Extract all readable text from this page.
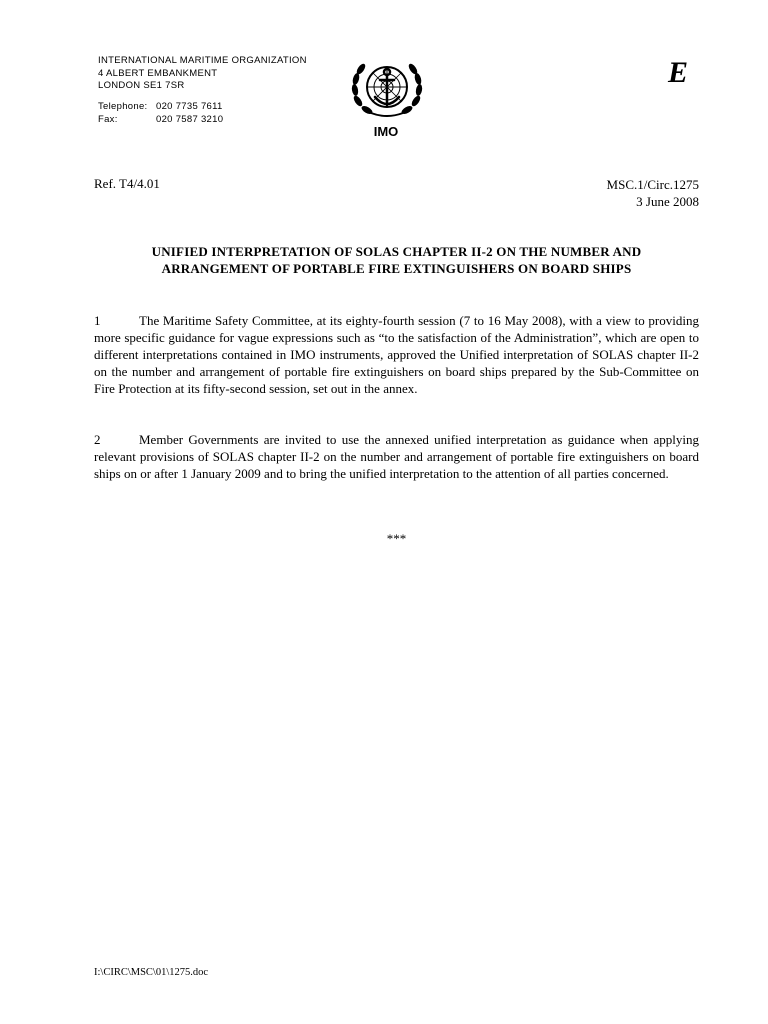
INTERNATIONAL MARITIME ORGANIZATION
4 ALBERT EMBANKMENT
LONDON SE1 7SR
Telephone: 020 7735 7611
Fax:	020 7587 3210
IMO
E
Ref. T4/4.01	MSC.1/Circ.1275
3 June 2008
UNIFIED INTERPRETATION OF SOLAS CHAPTER II-2 ON THE NUMBER AND
ARRANGEMENT OF PORTABLE FIRE EXTINGUISHERS ON BOARD SHIPS

1	The Maritime Safety Committee, at its eighty-fourth session (7 to 16 May 2008), with a view to providing more specific guidance for vague expressions such as “to the satisfaction of the Administration”, which are open to different interpretations contained in IMO instruments, approved the Unified interpretation of SOLAS chapter II-2 on the number and arrangement of portable fire extinguishers on board ships prepared by the Sub-Committee on Fire Protection at its fifty-second session, set out in the annex.

2	Member Governments are invited to use the annexed unified interpretation as guidance when applying relevant provisions of SOLAS chapter II-2 on the number and arrangement of portable fire extinguishers on board ships on or after 1 January 2009 and to bring the unified interpretation to the attention of all parties concerned.

***
I:\CIRC\MSC\01\1275.doc
